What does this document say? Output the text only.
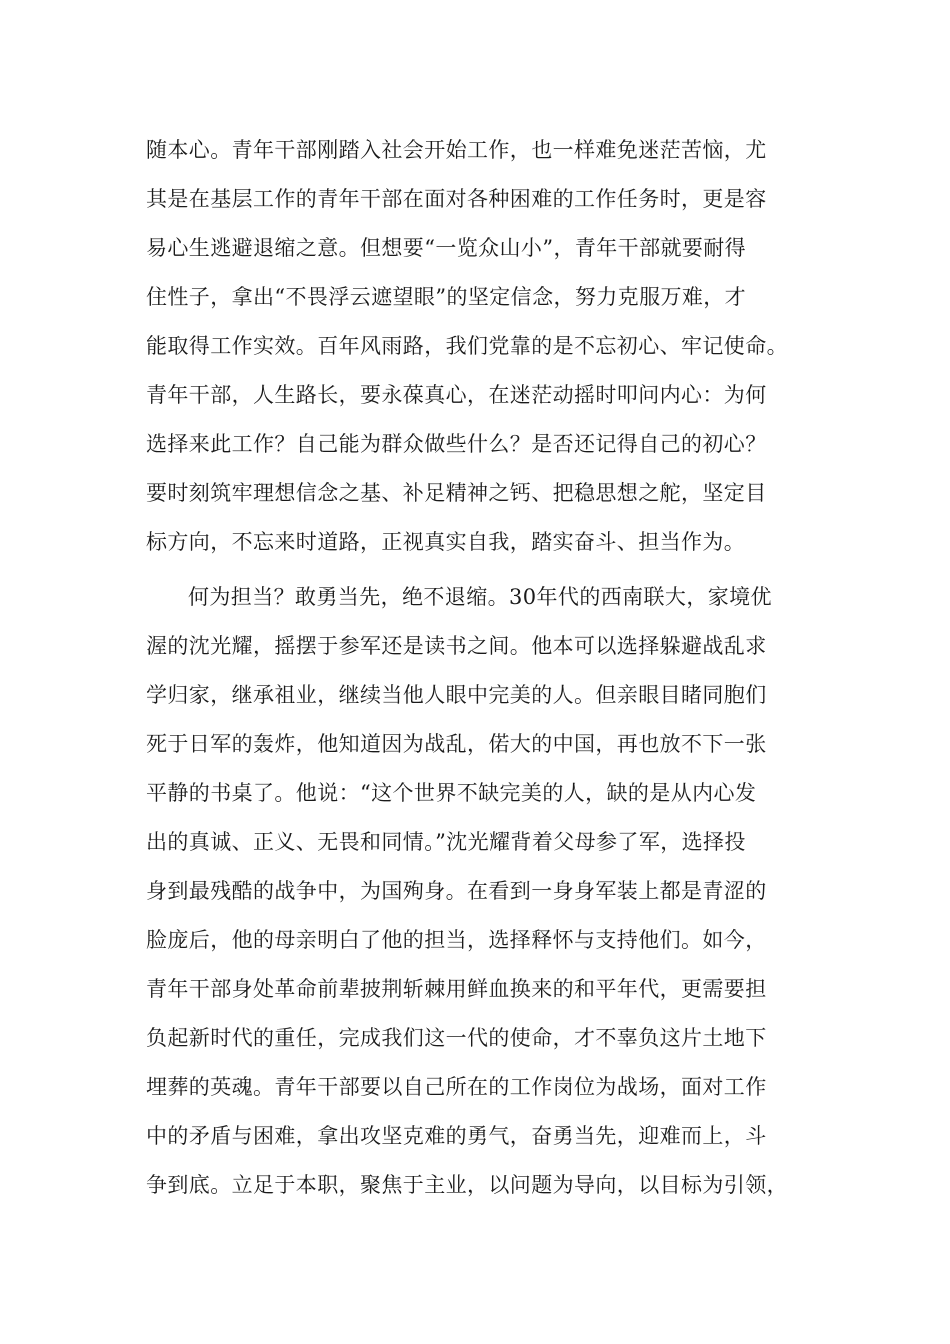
随本心。青年干部刚踏入社会开始工作，也一样难免迷茫苦恼，尤
其是在基层工作的青年干部在面对各种困难的工作任务时，更是容
易心生逃避退缩之意。但想要“一览众山小”，青年干部就要耐得
住性子，拿出“不畏浮云遮望眼”的坚定信念，努力克服万难，才
能取得工作实效。百年风雨路，我们党靠的是不忘初心、牢记使命。
青年干部，人生路长，要永葆真心，在迷茫动摇时叩问内心：为何
选择来此工作？自己能为群众做些什么？是否还记得自己的初心？
要时刻筑牢理想信念之基、补足精神之钙、把稳思想之舵，坚定目
标方向，不忘来时道路，正视真实自我，踏实奋斗、担当作为。
何为担当？敢勇当先，绝不退缩。30年代的西南联大，家境优
渥的沈光耀，摇摆于参军还是读书之间。他本可以选择躲避战乱求
学归家，继承祖业，继续当他人眼中完美的人。但亲眼目睹同胞们
死于日军的轰炸，他知道因为战乱，偌大的中国，再也放不下一张
平静的书桌了。他说：“这个世界不缺完美的人，缺的是从内心发
出的真诚、正义、无畏和同情。”沈光耀背着父母参了军，选择投
身到最残酷的战争中，为国殉身。在看到一身身军装上都是青涩的
脸庞后，他的母亲明白了他的担当，选择释怀与支持他们。如今，
青年干部身处革命前辈披荆斩棘用鲜血换来的和平年代，更需要担
负起新时代的重任，完成我们这一代的使命，才不辜负这片土地下
埋葬的英魂。青年干部要以自己所在的工作岗位为战场，面对工作
中的矛盾与困难，拿出攻坚克难的勇气，奋勇当先，迎难而上，斗
争到底。立足于本职，聚焦于主业，以问题为导向，以目标为引领，
